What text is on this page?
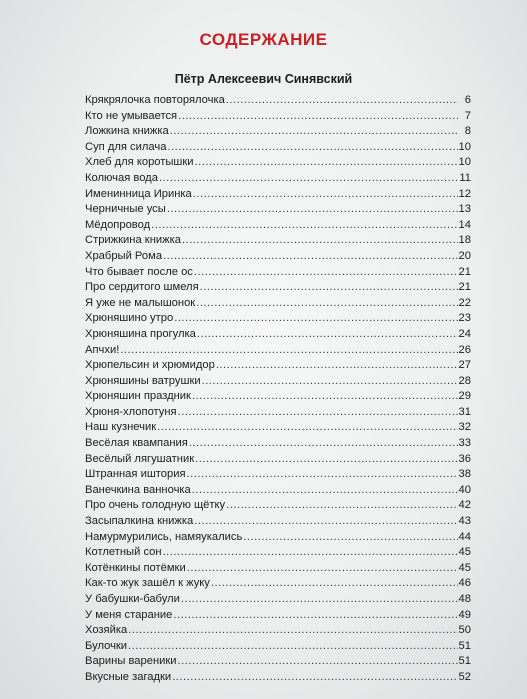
СОДЕРЖАНИЕ
Пётр Алексеевич Синявский
Крякрялочка повторялочка .....	6
Кто не умывается .....	7
Ложкина книжка .....	8
Суп для силача .....	10
Хлеб для коротышки .....	10
Колючая вода .....	11
Именинница Иринка .....	12
Черничные усы .....	13
Мёдопровод .....	14
Стрижкина книжка .....	18
Храбрый Рома .....	20
Что бывает после ос .....	21
Про сердитого шмеля .....	21
Я уже не малышонок .....	22
Хрюняшино утро .....	23
Хрюняшина прогулка .....	24
Апчхи! .....	26
Хрюпельсин и хрюмидор .....	27
Хрюняшины ватрушки .....	28
Хрюняшин праздник .....	29
Хрюня-хлопотуня .....	31
Наш кузнечик .....	32
Весёлая квампания .....	33
Весёлый лягушатник .....	36
Штранная иштория .....	38
Ванечкина ванночка .....	40
Про очень голодную щётку .....	42
Засыпалкина книжка .....	43
Намурмурились, намяукались .....	44
Котлетный сон .....	45
Котёнкины потёмки .....	45
Как-то жук зашёл к жуку .....	46
У бабушки-бабули .....	48
У меня старание .....	49
Хозяйка .....	50
Булочки .....	51
Варины вареники .....	51
Вкусные загадки .....	52
